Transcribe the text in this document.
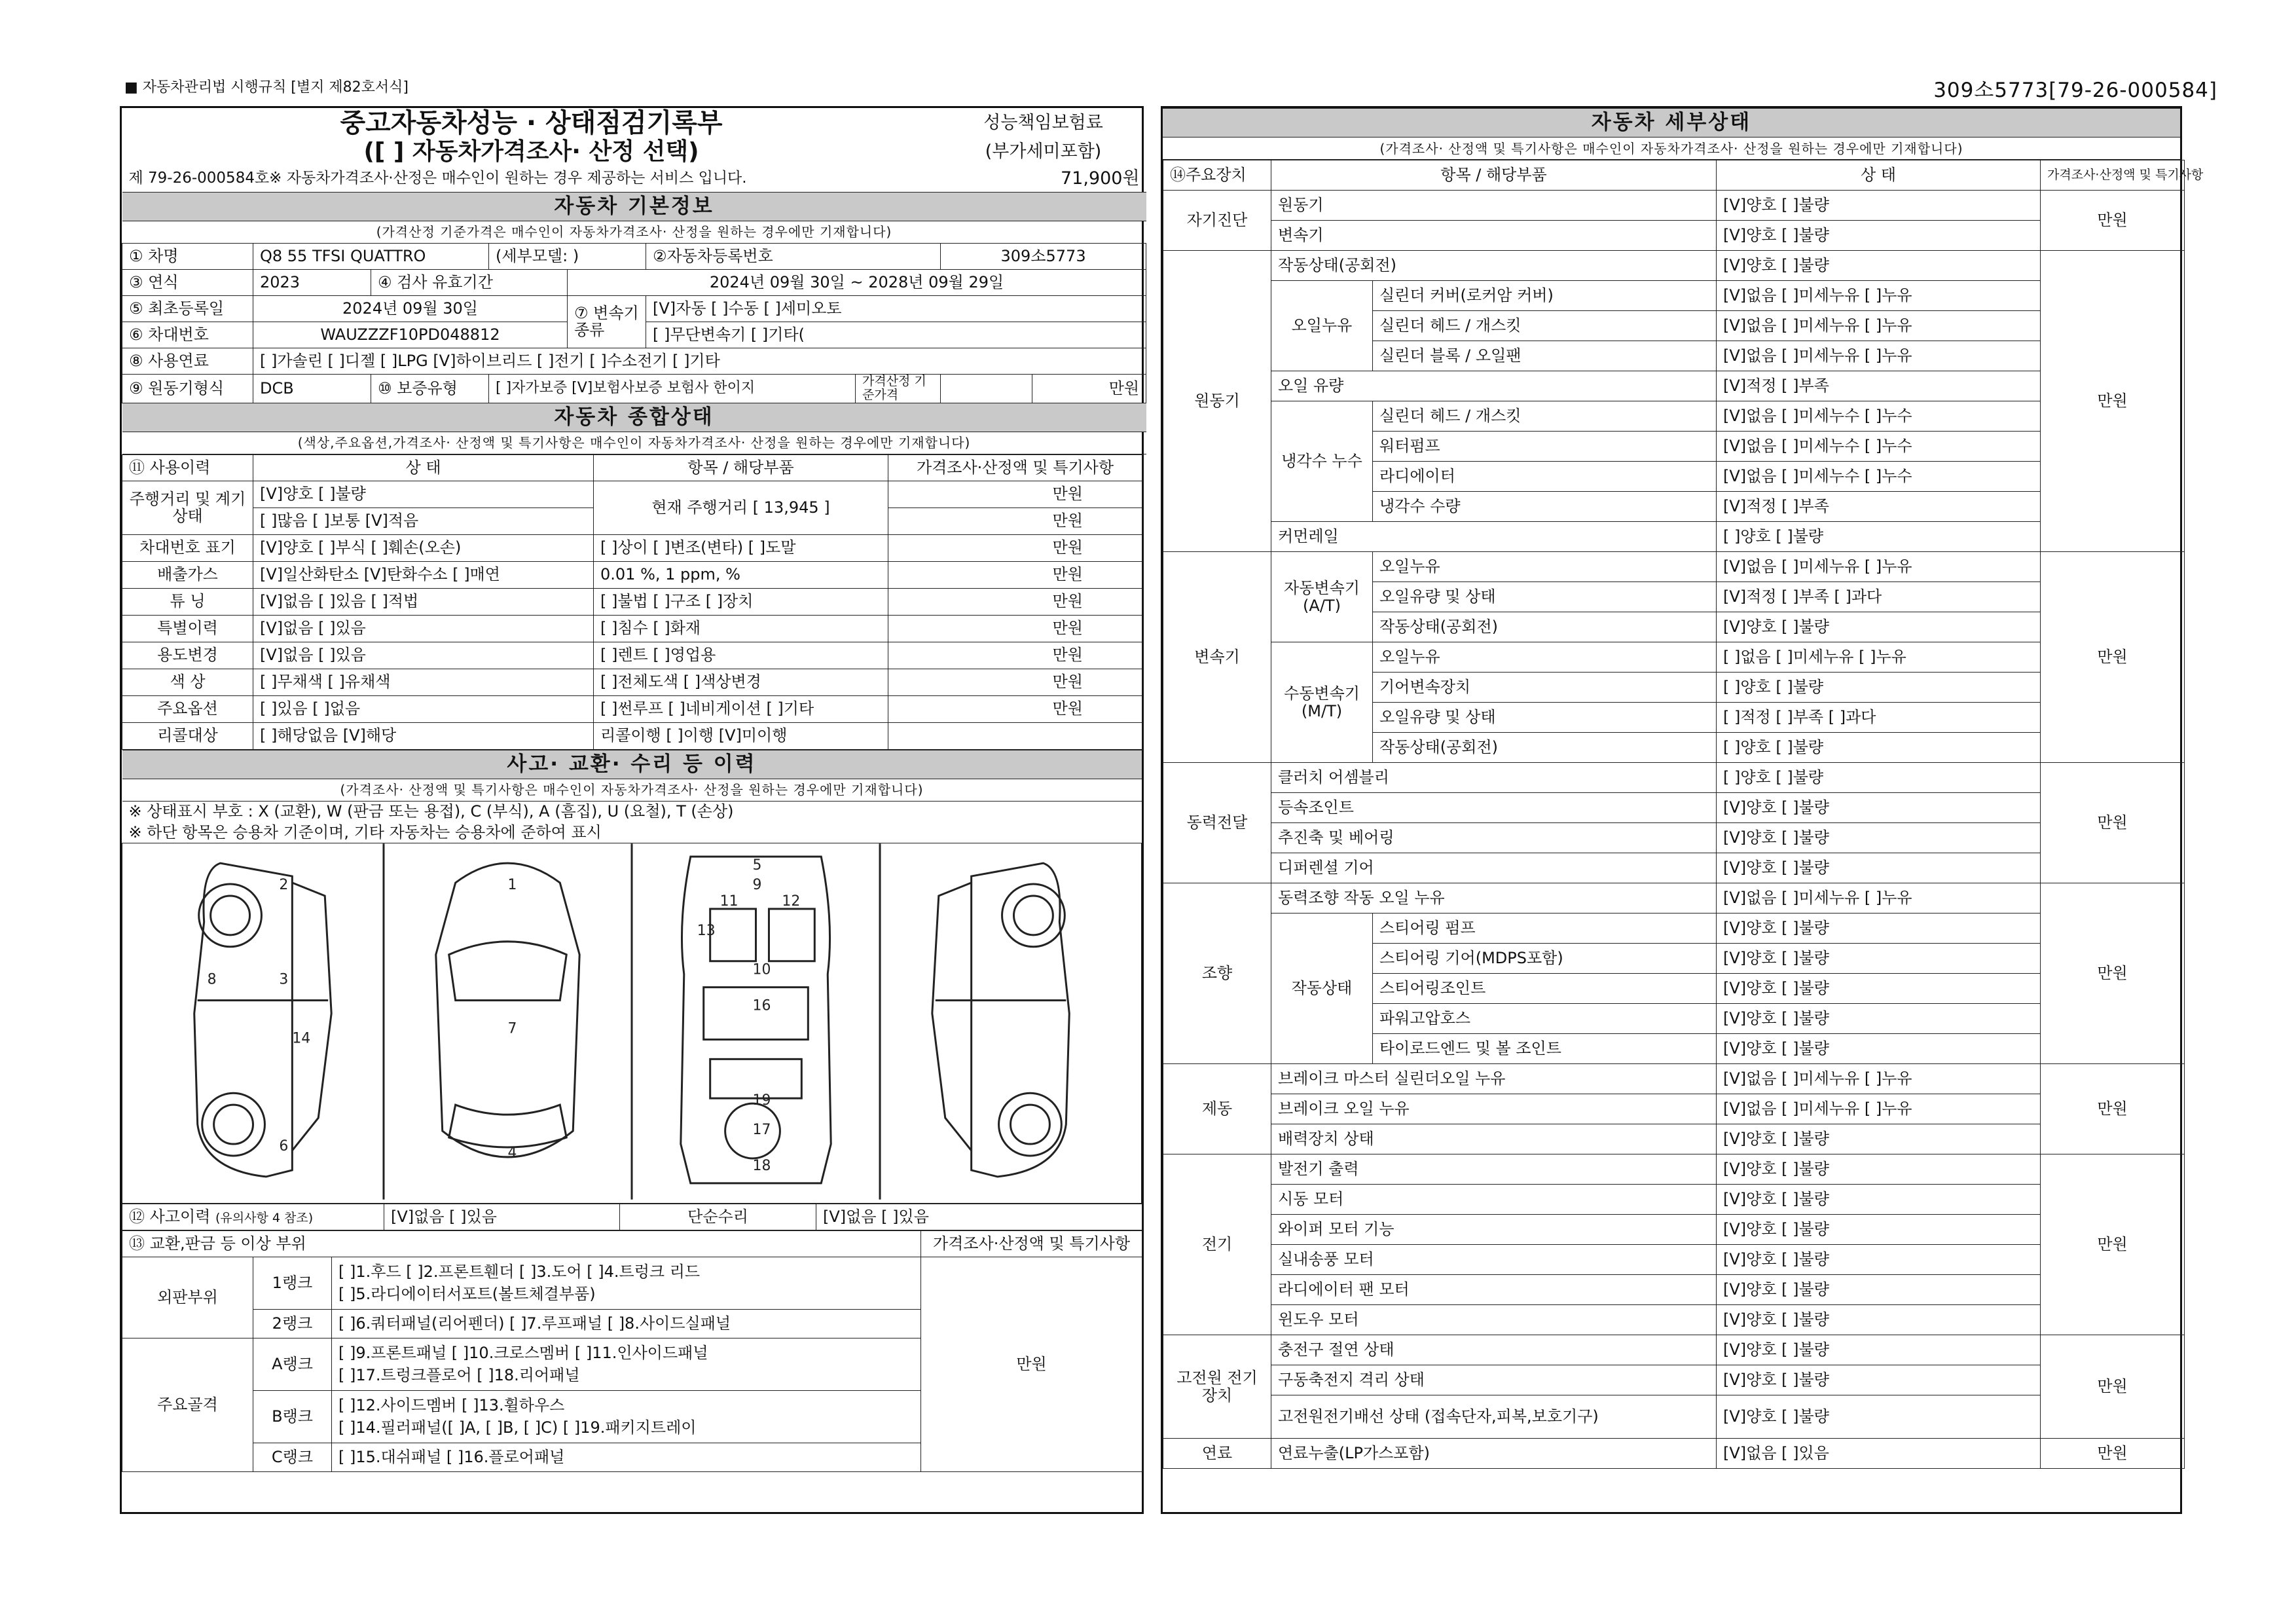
■ 자동차관리법 시행규칙 [별지 제82호서식]	309소5773[79-26-000584]
중고자동차성능 · 상태점검기록부							성능책임보험료	
([ ] 자동차가격조사· 산정 선택)							(부가세미포함)	
제 79-26-000584호※ 자동차가격조사·산정은 매수인이 원하는 경우 제공하는 서비스 입니다.							71,900원	
자동차 기본정보								
(가격산정 기준가격은 매수인이 자동차가격조사· 산정을 원하는 경우에만 기재합니다)								
① 차명	Q8 55 TFSI QUATTRO		(세부모델: )		②자동차등록번호		309소5773	
③ 연식	2023	④ 검사 유효기간		2024년 09월 30일 ~ 2028년 09월 29일				
⑤ 최초등록일	2024년 09월 30일			⑦ 변속기 종류	[V]자동 [ ]수동 [ ]세미오토			
⑥ 차대번호	WAUZZZF10PD048812				[ ]무단변속기 [ ]기타(			
⑧ 사용연료	[ ]가솔린 [ ]디젤 [ ]LPG [V]하이브리드 [ ]전기 [ ]수소전기 [ ]기타							
⑨ 원동기형식	DCB	⑩ 보증유형	[ ]자가보증 [V]보험사보증 보험사 한이지			가격산정 기준가격		만원
자동차 종합상태								
(색상,주요옵션,가격조사· 산정액 및 특기사항은 매수인이 자동차가격조사· 산정을 원하는 경우에만 기재합니다)								
⑪ 사용이력	상 태	항목 / 해당부품	가격조사·산정액 및 특기사항
주행거리 및 계기상태	[V]양호 [ ]불량	현재 주행거리 [ 13,945 ]	만원
	[ ]많음 [ ]보통 [V]적음		만원
차대번호 표기	[V]양호 [ ]부식 [ ]훼손(오손)	[ ]상이 [ ]변조(변타) [ ]도말	만원
배출가스	[V]일산화탄소 [V]탄화수소 [ ]매연	0.01 %, 1 ppm, %	만원
튜 닝	[V]없음 [ ]있음 [ ]적법	[ ]불법 [ ]구조 [ ]장치	만원
특별이력	[V]없음 [ ]있음	[ ]침수 [ ]화재	만원
용도변경	[V]없음 [ ]있음	[ ]렌트 [ ]영업용	만원
색 상	[ ]무채색 [ ]유채색	[ ]전체도색 [ ]색상변경	만원
주요옵션	[ ]있음 [ ]없음	[ ]썬루프 [ ]네비게이션 [ ]기타	만원
리콜대상	[ ]해당없음 [V]해당	리콜이행 [ ]이행 [V]미이행	
사고· 교환· 수리 등 이력
(가격조사· 산정액 및 특기사항은 매수인이 자동차가격조사· 산정을 원하는 경우에만 기재합니다)
※ 상태표시 부호 : X (교환), W (판금 또는 용접), C (부식), A (흠집), U (요철), T (손상)
※ 하단 항목은 승용차 기준이며, 기타 자동차는 승용차에 준하여 표시

1
2
3
4
5
6
7
8
9
10
11	12
13
14
16
17
18
19
⑫ 사고이력 (유의사항 4 참조)	[V]없음 [ ]있음	단순수리	[V]없음 [ ]있음
⑬ 교환,판금 등 이상 부위			가격조사·산정액 및 특기사항
외판부위	1랭크	[ ]1.후드 [ ]2.프론트휀더 [ ]3.도어 [ ]4.트렁크 리드
[ ]5.라디에이터서포트(볼트체결부품)	만원
	2랭크	[ ]6.쿼터패널(리어펜더) [ ]7.루프패널 [ ]8.사이드실패널	

주요골격	A랭크	[ ]9.프론트패널 [ ]10.크로스멤버 [ ]11.인사이드패널
[ ]17.트렁크플로어 [ ]18.리어패널	

	B랭크	[ ]12.사이드멤버 [ ]13.휠하우스
[ ]14.필러패널([ ]A, [ ]B, [ ]C) [ ]19.패키지트레이	

	C랭크	[ ]15.대쉬패널 [ ]16.플로어패널	
자동차 세부상태
(가격조사· 산정액 및 특기사항은 매수인이 자동차가격조사· 산정을 원하는 경우에만 기재합니다)
⑭주요장치	항목 / 해당부품		상 태	가격조사·산정액 및 특기사항
자기진단	원동기		[V]양호 [ ]불량	만원
	변속기		[V]양호 [ ]불량	
원동기	작동상태(공회전)		[V]양호 [ ]불량	만원
	오일누유	실린더 커버(로커암 커버)	[V]없음 [ ]미세누유 [ ]누유	
		실린더 헤드 / 개스킷	[V]없음 [ ]미세누유 [ ]누유	
		실린더 블록 / 오일팬	[V]없음 [ ]미세누유 [ ]누유	
	오일 유량		[V]적정 [ ]부족	
	냉각수 누수	실린더 헤드 / 개스킷	[V]없음 [ ]미세누수 [ ]누수	
		워터펌프	[V]없음 [ ]미세누수 [ ]누수	
		라디에이터	[V]없음 [ ]미세누수 [ ]누수	
		냉각수 수량	[V]적정 [ ]부족	
	커먼레일		[ ]양호 [ ]불량	
변속기	자동변속기 (A/T)	오일누유	[V]없음 [ ]미세누유 [ ]누유	만원
		오일유량 및 상태	[V]적정 [ ]부족 [ ]과다	
		작동상태(공회전)	[V]양호 [ ]불량	
	수동변속기 (M/T)	오일누유	[ ]없음 [ ]미세누유 [ ]누유	
		기어변속장치	[ ]양호 [ ]불량	
		오일유량 및 상태	[ ]적정 [ ]부족 [ ]과다	
		작동상태(공회전)	[ ]양호 [ ]불량	
동력전달	클러치 어셈블리		[ ]양호 [ ]불량	만원
	등속조인트		[V]양호 [ ]불량	
	추진축 및 베어링		[V]양호 [ ]불량	
	디퍼렌셜 기어		[V]양호 [ ]불량	
조향	동력조향 작동 오일 누유		[V]없음 [ ]미세누유 [ ]누유	만원
	작동상태	스티어링 펌프	[V]양호 [ ]불량	
		스티어링 기어(MDPS포함)	[V]양호 [ ]불량	
		스티어링조인트	[V]양호 [ ]불량	
		파워고압호스	[V]양호 [ ]불량	
		타이로드엔드 및 볼 조인트	[V]양호 [ ]불량	
제동	브레이크 마스터 실린더오일 누유		[V]없음 [ ]미세누유 [ ]누유	만원
	브레이크 오일 누유		[V]없음 [ ]미세누유 [ ]누유	
	배력장치 상태		[V]양호 [ ]불량	
전기	발전기 출력		[V]양호 [ ]불량	만원
	시동 모터		[V]양호 [ ]불량	
	와이퍼 모터 기능		[V]양호 [ ]불량	
	실내송풍 모터		[V]양호 [ ]불량	
	라디에이터 팬 모터		[V]양호 [ ]불량	
	윈도우 모터		[V]양호 [ ]불량	
고전원 전기장치	충전구 절연 상태		[V]양호 [ ]불량	만원
	구동축전지 격리 상태		[V]양호 [ ]불량	
	고전원전기배선 상태 (접속단자,피복,보호기구)		[V]양호 [ ]불량	
연료	연료누출(LP가스포함)		[V]없음 [ ]있음	만원
